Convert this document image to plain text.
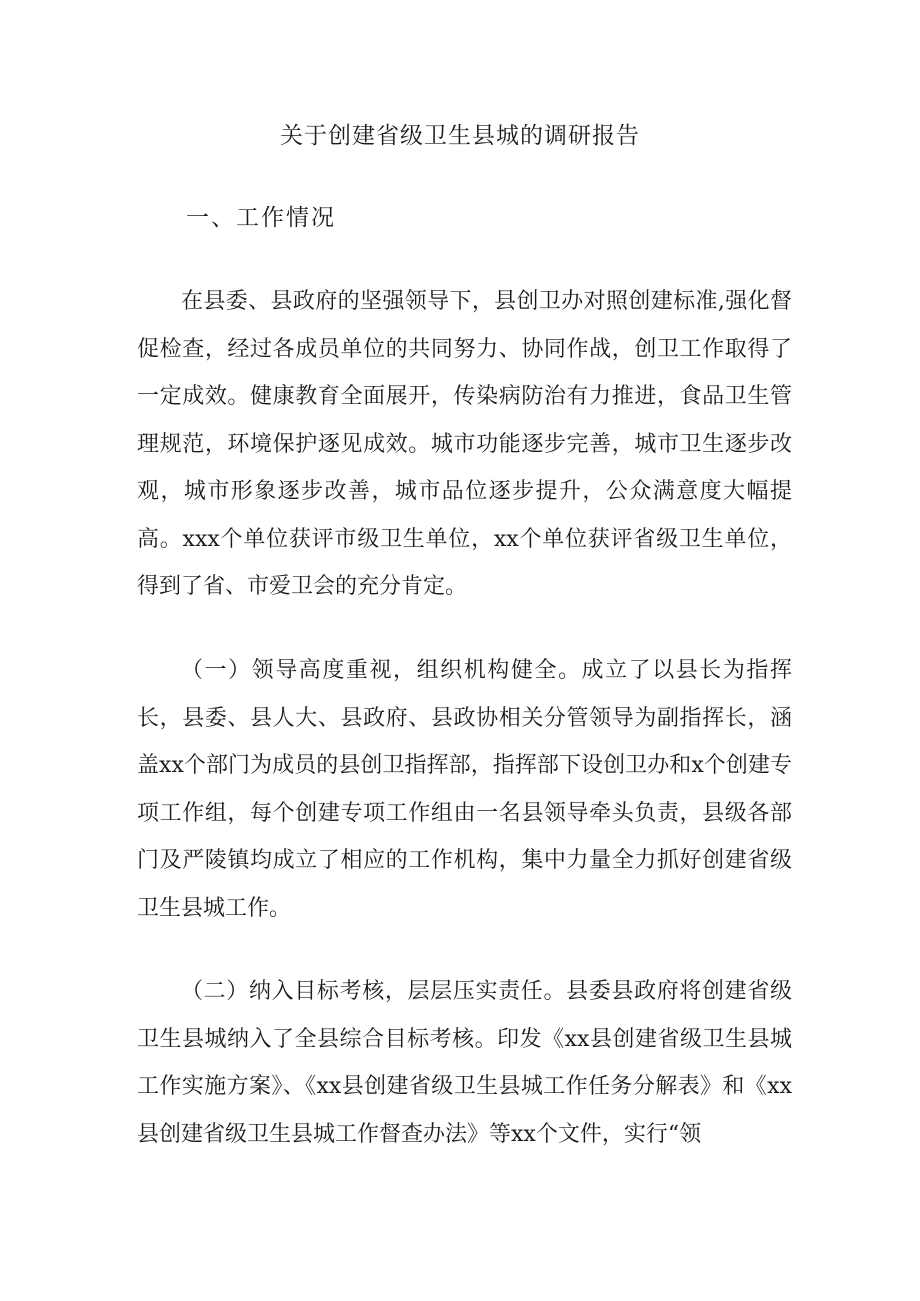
关于创建省级卫生县城的调研报告
一、工作情况

在县委、县政府的坚强领导下，县创卫办对照创建标准,强化督促检查，经过各成员单位的共同努力、协同作战，创卫工作取得了一定成效。健康教育全面展开，传染病防治有力推进，食品卫生管理规范，环境保护逐见成效。城市功能逐步完善，城市卫生逐步改观，城市形象逐步改善，城市品位逐步提升，公众满意度大幅提高。xxx个单位获评市级卫生单位，xx个单位获评省级卫生单位，得到了省、市爱卫会的充分肯定。

（一）领导高度重视，组织机构健全。成立了以县长为指挥长，县委、县人大、县政府、县政协相关分管领导为副指挥长，涵盖xx个部门为成员的县创卫指挥部，指挥部下设创卫办和x个创建专项工作组，每个创建专项工作组由一名县领导牵头负责，县级各部门及严陵镇均成立了相应的工作机构，集中力量全力抓好创建省级卫生县城工作。

（二）纳入目标考核，层层压实责任。县委县政府将创建省级卫生县城纳入了全县综合目标考核。印发《xx县创建省级卫生县城工作实施方案》、《xx县创建省级卫生县城工作任务分解表》和《xx县创建省级卫生县城工作督查办法》等xx个文件，实行“领
